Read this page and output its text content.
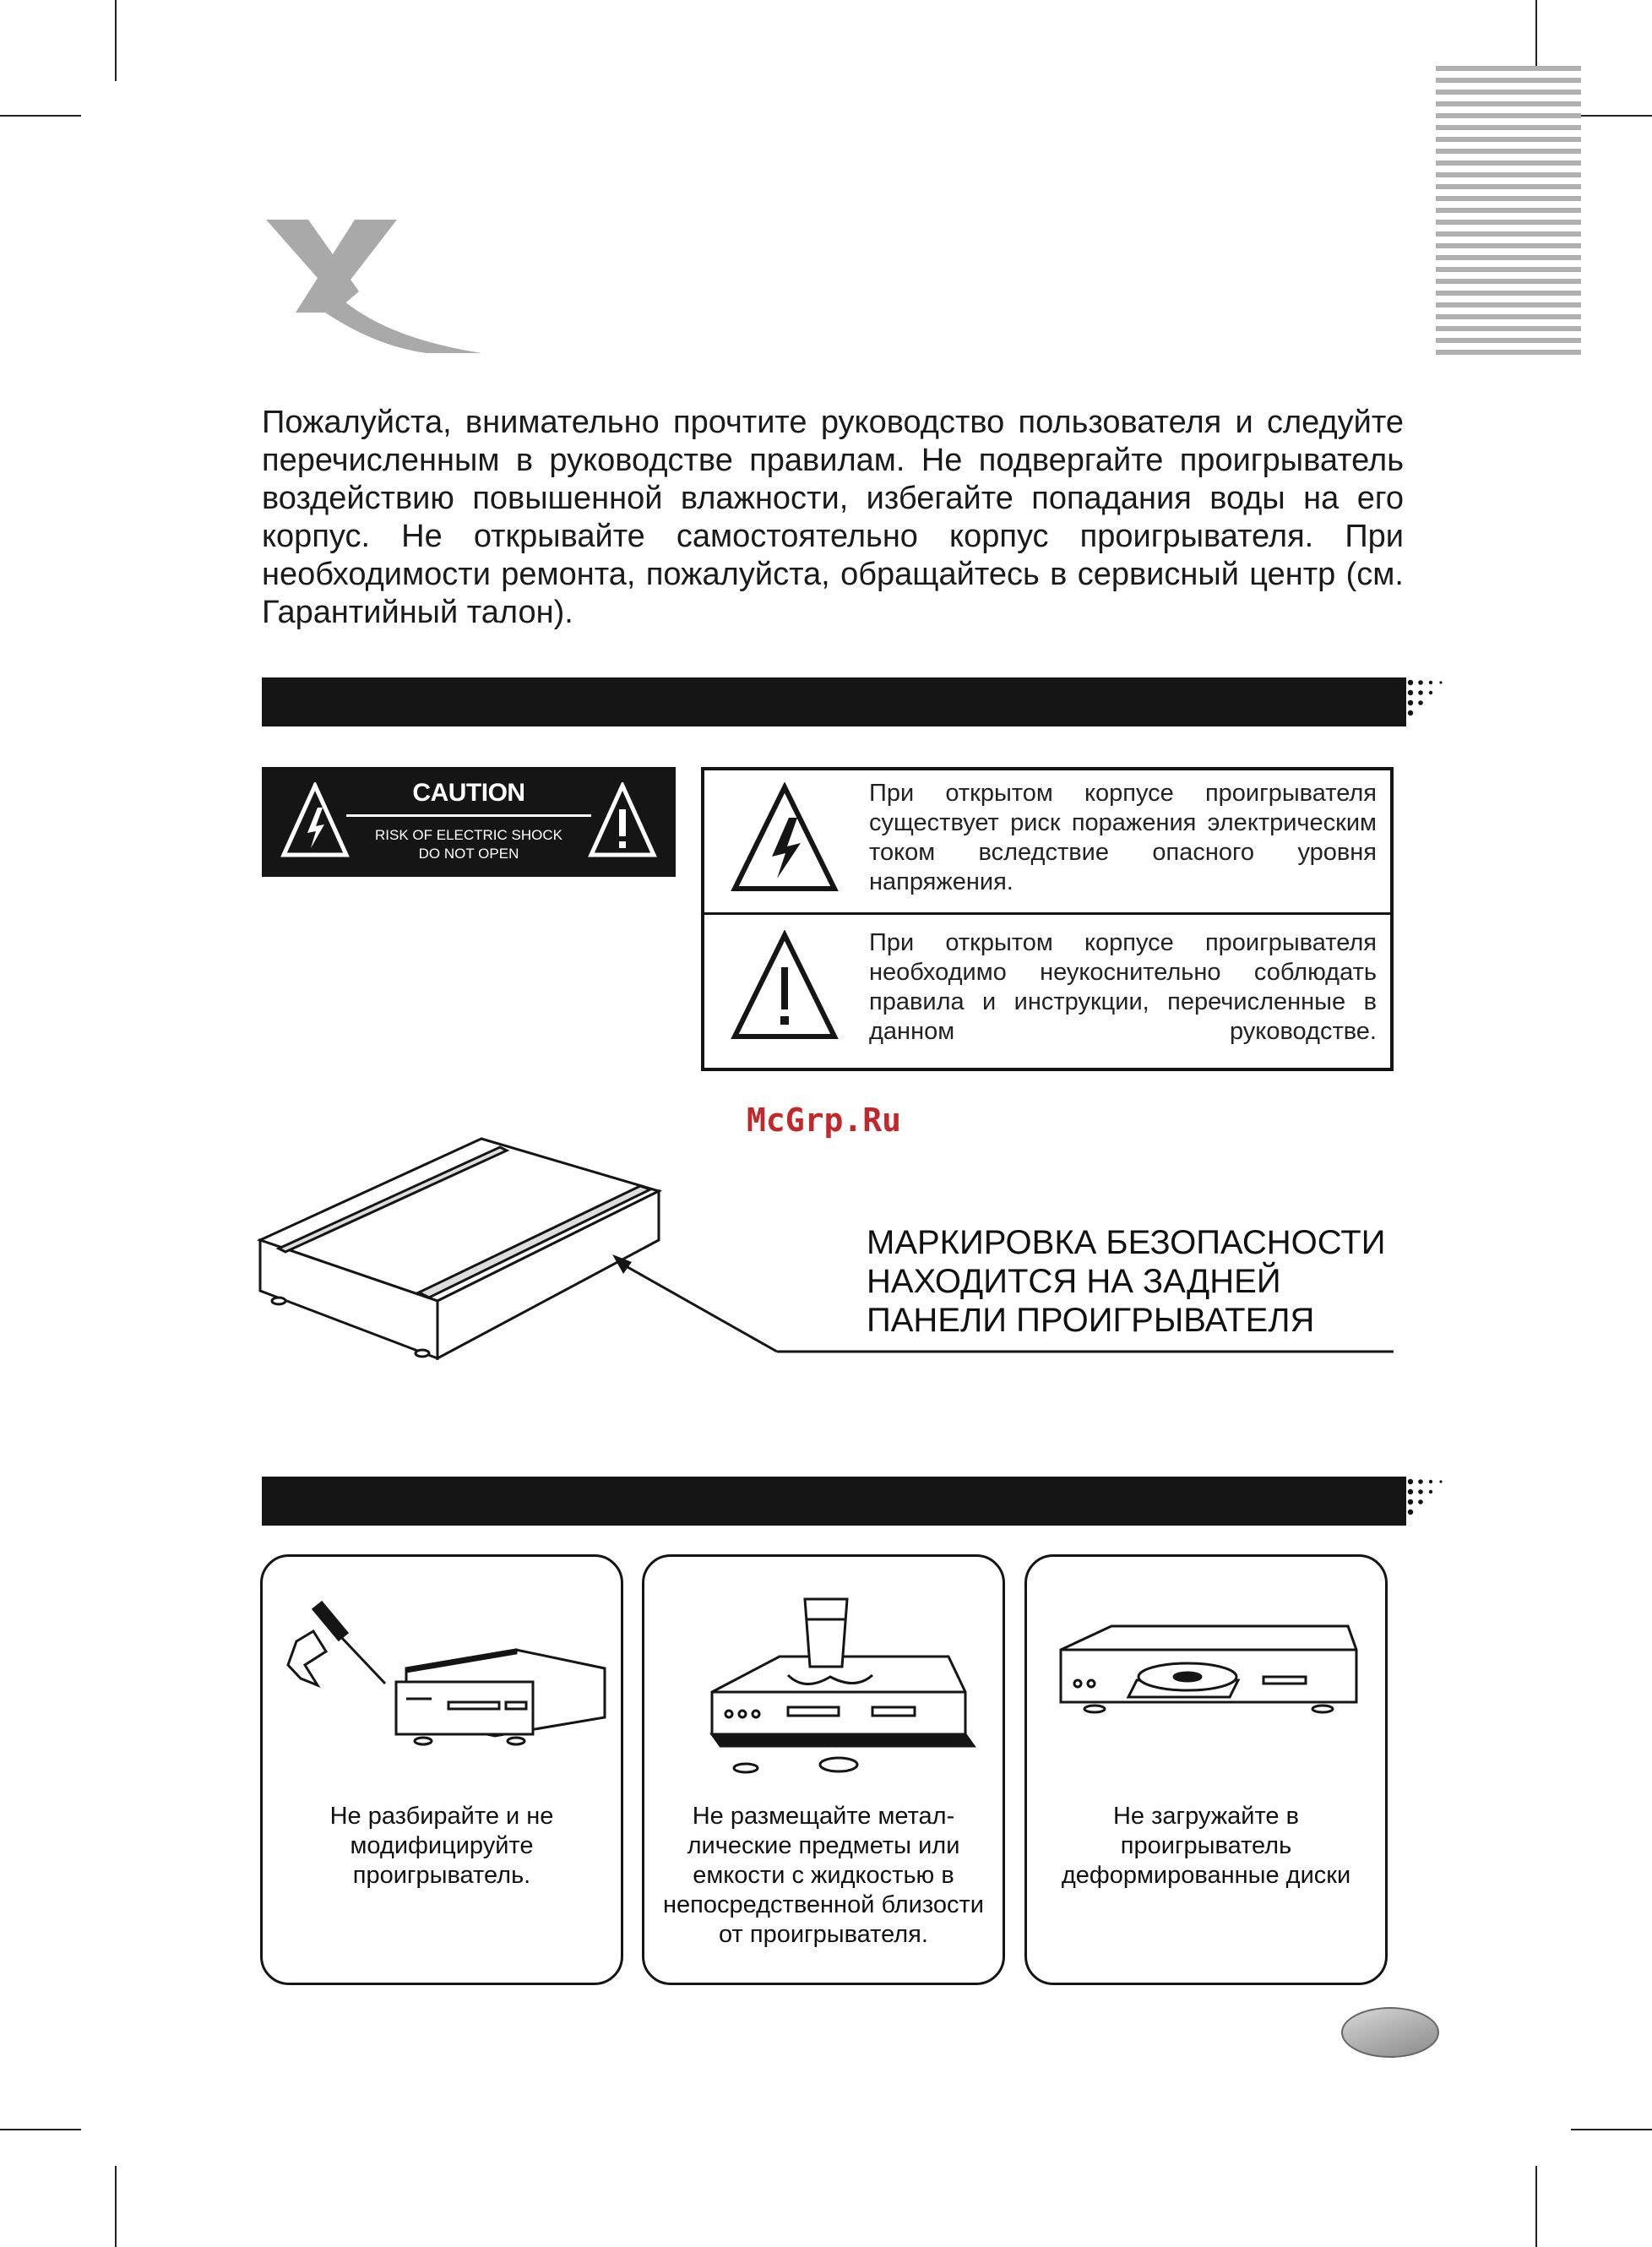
Пожалуйста, внимательно прочтите руководство пользователя и следуйте перечисленным в руководстве правилам. Не подвергайте проигрыватель воздействию повышенной влажности, избегайте попадания воды на его корпус. Не открывайте самостоятельно корпус проигрывателя. При необходимости ремонта, пожалуйста, обращайтесь в сервисный центр (см. Гарантийный талон).
CAUTION
RISK OF ELECTRIC SHOCK
DO NOT OPEN
При открытом корпусе проигрывателя существует риск поражения электрическим током вследствие опасного уровня напряжения.
При открытом корпусе проигрывателя необходимо неукоснительно соблюдать правила и инструкции, перечисленные в данном руководстве.
McGrp.Ru
МАРКИРОВКА БЕЗОПАСНОСТИ
НАХОДИТСЯ НА ЗАДНЕЙ
ПАНЕЛИ ПРОИГРЫВАТЕЛЯ
Не разбирайте и не модифицируйте проигрыватель.
Не размещайте метал-лические предметы или емкости с жидкостью в непосредственной близости от проигрывателя.
Не загружайте в проигрыватель деформированные диски
